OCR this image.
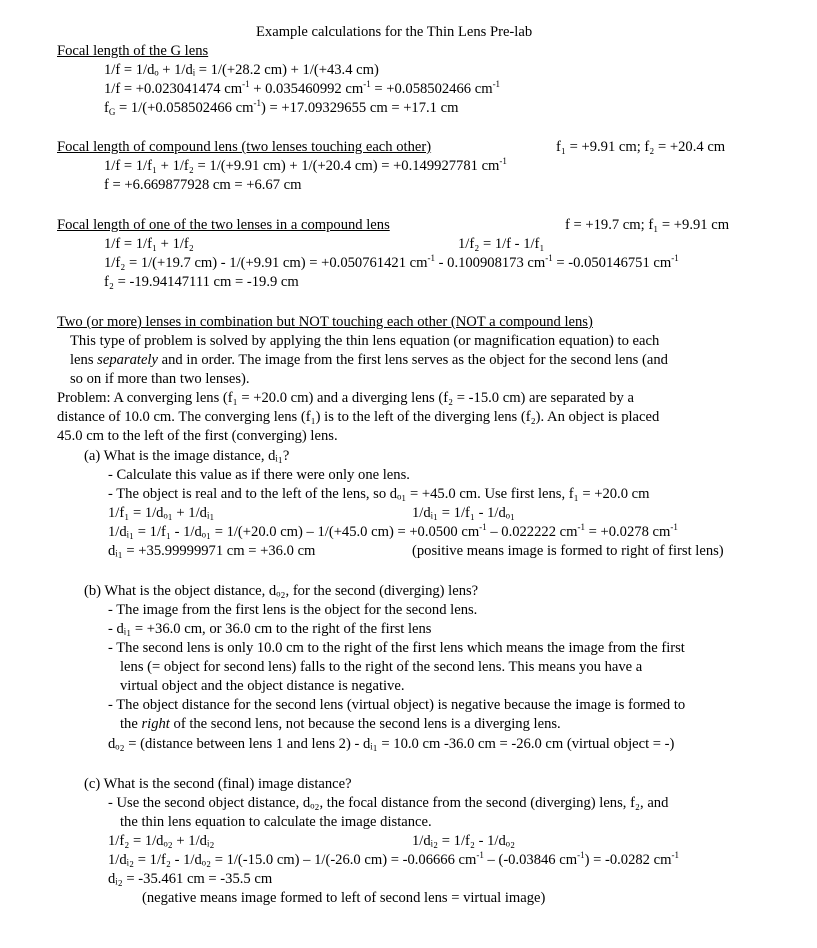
Example calculations for the Thin Lens Pre-lab
Focal length of the G lens
1/f = 1/dₒ + 1/dᵢ = 1/(+28.2 cm) + 1/(+43.4 cm)
1/f = +0.023041474 $cm^{-1} + 0.035460992$ $cm^{-1} = +0.058502466$ $cm^{-1}$
$f_G = 1/(+0.058502466$ $cm^{-1}) = +17.09329655$ cm = +17.1 cm
Focal length of compound lens (two lenses touching each other)	f₁ = +9.91 cm; f₂ = +20.4 cm
1/f = 1/f₁ + 1/f₂ = 1/(+9.91 cm) + 1/(+20.4 cm) = +0.149927781 $cm^{-1}$
f = +6.669877928 cm = +6.67 cm
Focal length of one of the two lenses in a compound lens	f = +19.7 cm; f₁ = +9.91 cm
1/f = 1/f₁ + 1/f₂	1/f₂ = 1/f - 1/f₁
1/f₂ = 1/(+19.7 cm) - 1/(+9.91 cm) = +0.050761421 $cm^{-1} - 0.100908173$ $cm^{-1} = -0.050146751$ $cm^{-1}$
f₂ = -19.94147111 cm = -19.9 cm
Two (or more) lenses in combination but NOT touching each other (NOT a compound lens)
This type of problem is solved by applying the thin lens equation (or magnification equation) to each
lens separately and in order. The image from the first lens serves as the object for the second lens (and
so on if more than two lenses).
Problem: A converging lens (f₁ = +20.0 cm) and a diverging lens (f₂ = -15.0 cm) are separated by a
distance of 10.0 cm. The converging lens (f₁) is to the left of the diverging lens (f₂). An object is placed
45.0 cm to the left of the first (converging) lens.
(a) What is the image distance, dᵢ₁?
- Calculate this value as if there were only one lens.
- The object is real and to the left of the lens, so dₒ₁ = +45.0 cm. Use first lens, f₁ = +20.0 cm
1/f₁ = 1/dₒ₁ + 1/dᵢ₁	1/dᵢ₁ = 1/f₁ - 1/dₒ₁
1/dᵢ₁ = 1/f₁ - 1/dₒ₁ = 1/(+20.0 cm) – 1/(+45.0 cm) = +0.0500 $cm^{-1} - 0.022222$ $cm^{-1} = +0.0278$ $cm^{-1}$
dᵢ₁ = +35.99999971 cm = +36.0 cm	(positive means image is formed to right of first lens)
(b) What is the object distance, dₒ₂, for the second (diverging) lens?
- The image from the first lens is the object for the second lens.
- dᵢ₁ = +36.0 cm, or 36.0 cm to the right of the first lens
- The second lens is only 10.0 cm to the right of the first lens which means the image from the first
lens (= object for second lens) falls to the right of the second lens. This means you have a
virtual object and the object distance is negative.
- The object distance for the second lens (virtual object) is negative because the image is formed to
the right of the second lens, not because the second lens is a diverging lens.
dₒ₂ = (distance between lens 1 and lens 2) - dᵢ₁ = 10.0 cm -36.0 cm = -26.0 cm (virtual object = -)
(c) What is the second (final) image distance?
- Use the second object distance, dₒ₂, the focal distance from the second (diverging) lens, f₂, and
the thin lens equation to calculate the image distance.
1/f₂ = 1/dₒ₂ + 1/dᵢ₂	1/dᵢ₂ = 1/f₂ - 1/dₒ₂
1/dᵢ₂ = 1/f₂ - 1/dₒ₂ = 1/(-15.0 cm) – 1/(-26.0 cm) = -0.06666 $cm^{-1} - (-0.03846$ $cm^{-1}) = -0.0282$ $cm^{-1}$
dᵢ₂ = -35.461 cm = -35.5 cm
(negative means image formed to left of second lens = virtual image)
